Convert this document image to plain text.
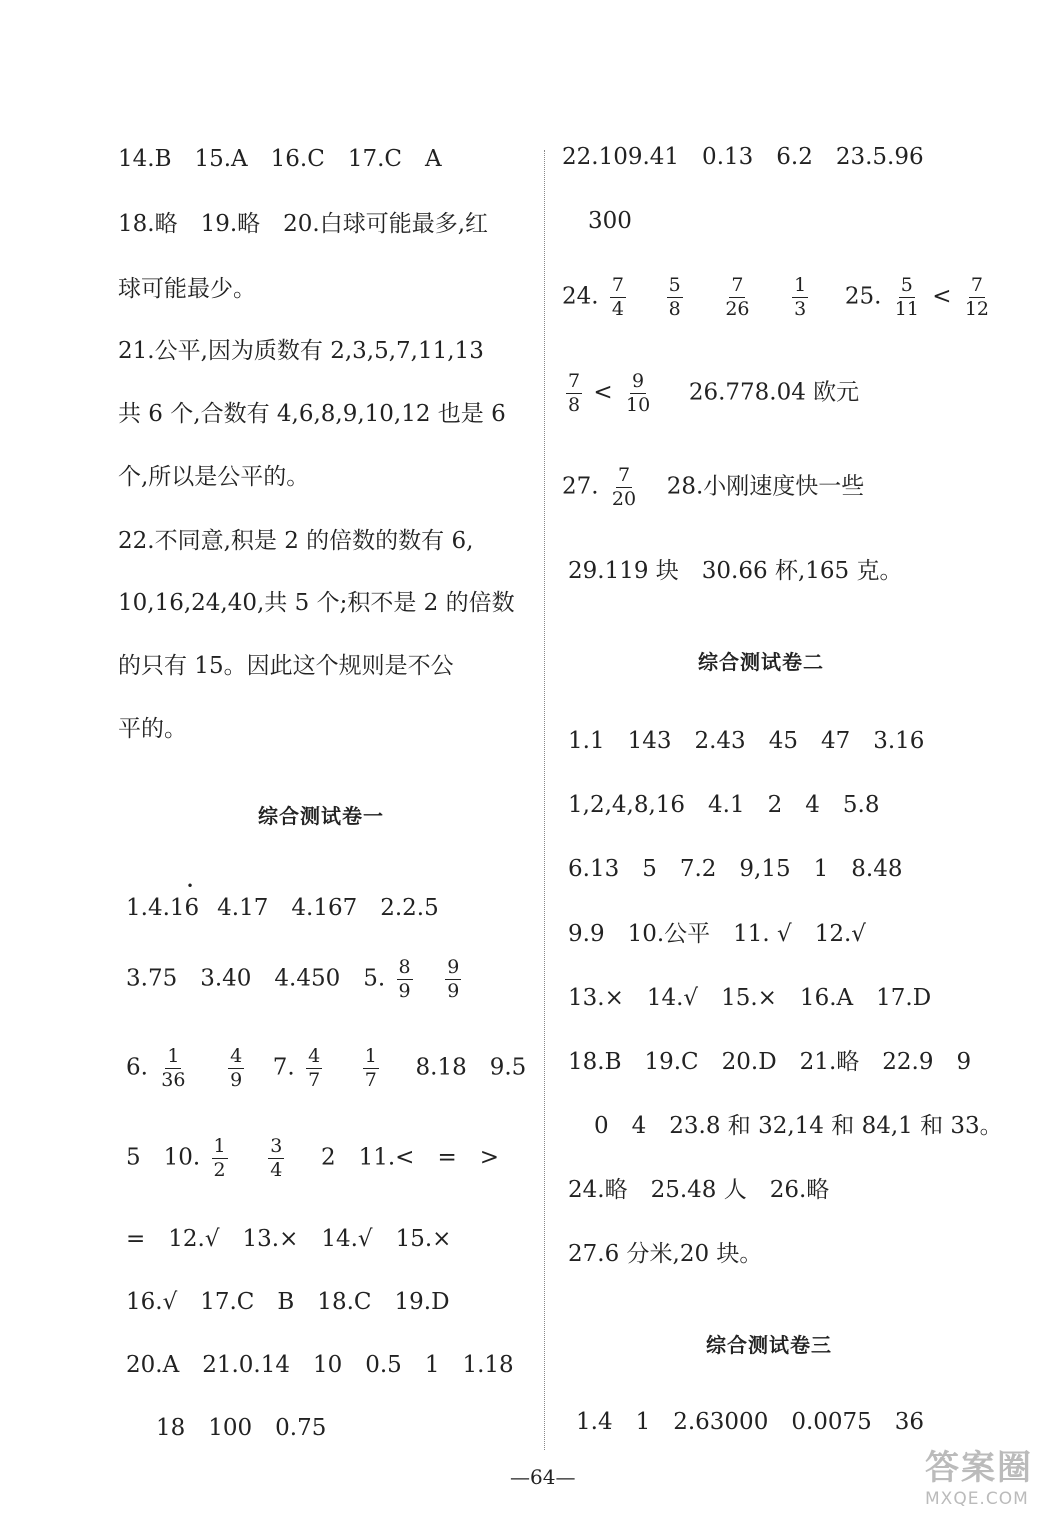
14.B　15.A　16.C　17.C　A
18.略　19.略　20.白球可能最多,红
球可能最少。
21.公平,因为质数有 2,3,5,7,11,13
共 6 个,合数有 4,6,8,9,10,12 也是 6
个,所以是公平的。
22.不同意,积是 2 的倍数的数有 6,
10,16,24,40,共 5 个;积不是 2 的倍数
的只有 15。因此这个规则是不公
平的。
综合测试卷一
1.4.1• 6 4.17　4.167　2.2.5
3.75　3.40　4.450　5. $\frac{8}{9}$
$\frac{9}{9}$
6. $\frac{1}{36}$
$\frac{4}{9} 7$. $\frac{4}{7}$
$\frac{1}{7} 8.18$　9.5
5　10. $\frac{1}{2}$
$\frac{3}{4} 2$　11.<　=　>
=　12.√　13.×　14.√　15.×
16.√　17.C　B　18.C　19.D
20.A　21.0.14　10　0.5　1　1.18
18　100　0.75
22.109.41　0.13　6.2　23.5.96
300
24. $\frac{7}{4}$
$\frac{5}{8}$
$\frac{7}{26}$
$\frac{1}{3} 25$. $\frac{5}{11} < \frac{7}{12}$
$\frac{7}{8} < \frac{9}{10} 26.778.04$ 欧元
27. $\frac{7}{20} 28$.小刚速度快一些
29.119 块　30.66 杯,165 克。
综合测试卷二
1.1　143　2.43　45　47　3.16
1,2,4,8,16　4.1　2　4　5.8
6.13　5　7.2　9,15　1　8.48
9.9　10.公平　11. √　12.√
13.×　14.√　15.×　16.A　17.D
18.B　19.C　20.D　21.略　22.9　9
0　4　23.8 和 32,14 和 84,1 和 33。
24.略　25.48 人　26.略
27.6 分米,20 块。
综合测试卷三
1.4　1　2.63000　0.0075　36
—64—	答案圈
MXQE.COM
